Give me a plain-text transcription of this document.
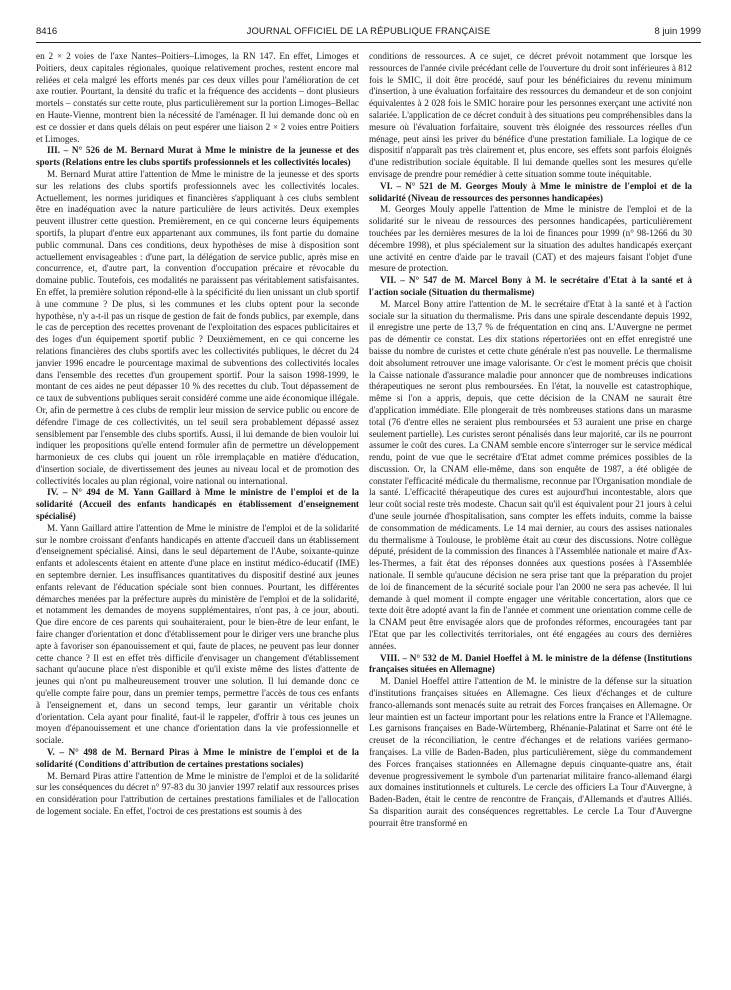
8416	JOURNAL OFFICIEL DE LA RÉPUBLIQUE FRANÇAISE	8 juin 1999

en 2 × 2 voies de l'axe Nantes–Poitiers–Limoges, la RN 147. En effet, Limoges et Poitiers, deux capitales régionales, quoique relativement proches, restent encore mal reliées et cela malgré les efforts menés par ces deux villes pour l'amélioration de cet axe routier. Pourtant, la densité du trafic et la fréquence des accidents – dont plusieurs mortels – constatés sur cette route, plus particulièrement sur la portion Limoges–Bellac en Haute-Vienne, montrent bien la nécessité de l'aménager. Il lui demande donc où en est ce dossier et dans quels délais on peut espérer une liaison 2 × 2 voies entre Poitiers et Limoges.

III. – N° 526 de M. Bernard Murat à Mme le ministre de la jeunesse et des sports (Relations entre les clubs sportifs professionnels et les collectivités locales)

M. Bernard Murat attire l'attention de Mme le ministre de la jeunesse et des sports sur les relations des clubs sportifs professionnels avec les collectivités locales. Actuellement, les normes juridiques et financières s'appliquant à ces clubs semblent être en inadéquation avec la nature particulière de leurs activités. Deux exemples peuvent illustrer cette question. Premièrement, en ce qui concerne leurs équipements sportifs, la plupart d'entre eux appartenant aux communes, ils font partie du domaine public communal. Dans ces conditions, deux hypothèses de mise à disposition sont actuellement envisageables : d'une part, la délégation de service public, après mise en concurrence, et, d'autre part, la convention d'occupation précaire et révocable du domaine public. Toutefois, ces modalités ne paraissent pas véritablement satisfaisantes. En effet, la première solution répond-elle à la spécificité du lien unissant un club sportif à une commune ? De plus, si les communes et les clubs optent pour la seconde hypothèse, n'y a-t-il pas un risque de gestion de fait de fonds publics, par exemple, dans le cas de perception des recettes provenant de l'exploitation des espaces publicitaires et des loges d'un équipement sportif public ? Deuxièmement, en ce qui concerne les relations financières des clubs sportifs avec les collectivités publiques, le décret du 24 janvier 1996 encadre le pourcentage maximal de subventions des collectivités locales dans l'ensemble des recettes d'un groupement sportif. Pour la saison 1998-1999, le montant de ces aides ne peut dépasser 10 % des recettes du club. Tout dépassement de ce taux de subventions publiques serait considéré comme une aide économique illégale. Or, afin de permettre à ces clubs de remplir leur mission de service public ou encore de défendre l'image de ces collectivités, un tel seuil sera probablement dépassé assez sensiblement par l'ensemble des clubs sportifs. Aussi, il lui demande de bien vouloir lui indiquer les propositions qu'elle entend formuler afin de permettre un développement harmonieux de ces clubs qui jouent un rôle irremplaçable en matière d'éducation, d'insertion sociale, de divertissement des jeunes au niveau local et de promotion des collectivités locales au plan régional, voire national ou international.

IV. – N° 494 de M. Yann Gaillard à Mme le ministre de l'emploi et de la solidarité (Accueil des enfants handicapés en établissement d'enseignement spécialisé)

M. Yann Gaillard attire l'attention de Mme le ministre de l'emploi et de la solidarité sur le nombre croissant d'enfants handicapés en attente d'accueil dans un établissement d'enseignement spécialisé. Ainsi, dans le seul département de l'Aube, soixante-quinze enfants et adolescents étaient en attente d'une place en institut médico-éducatif (IME) en septembre dernier. Les insuffisances quantitatives du dispositif destiné aux jeunes enfants relevant de l'éducation spéciale sont bien connues. Pourtant, les différentes démarches menées par la préfecture auprès du ministère de l'emploi et de la solidarité, et notamment les demandes de moyens supplémentaires, n'ont pas, à ce jour, abouti. Que dire encore de ces parents qui souhaiteraient, pour le bien-être de leur enfant, le faire changer d'orientation et donc d'établissement pour le diriger vers une branche plus apte à favoriser son épanouissement et qui, faute de places, ne peuvent pas leur donner cette chance ? Il est en effet très difficile d'envisager un changement d'établissement sachant qu'aucune place n'est disponible et qu'il existe même des listes d'attente de jeunes qui n'ont pu malheureusement trouver une solution. Il lui demande donc ce qu'elle compte faire pour, dans un premier temps, permettre l'accès de tous ces enfants à l'enseignement et, dans un second temps, leur garantir un véritable choix d'orientation. Cela ayant pour finalité, faut-il le rappeler, d'offrir à tous ces jeunes un moyen d'épanouissement et une chance d'orientation dans la vie professionnelle et sociale.

V. – N° 498 de M. Bernard Piras à Mme le ministre de l'emploi et de la solidarité (Conditions d'attribution de certaines prestations sociales)

M. Bernard Piras attire l'attention de Mme le ministre de l'emploi et de la solidarité sur les conséquences du décret n° 97-83 du 30 janvier 1997 relatif aux ressources prises en considération pour l'attribution de certaines prestations familiales et de l'allocation de logement sociale. En effet, l'octroi de ces prestations est soumis à des

conditions de ressources. A ce sujet, ce décret prévoit notamment que lorsque les ressources de l'année civile précédant celle de l'ouverture du droit sont inférieures à 812 fois le SMIC, il doit être procédé, sauf pour les bénéficiaires du revenu minimum d'insertion, à une évaluation forfaitaire des ressources du demandeur et de son conjoint équivalentes à 2 028 fois le SMIC horaire pour les personnes exerçant une activité non salariée. L'application de ce décret conduit à des situations peu compréhensibles dans la mesure où l'évaluation forfaitaire, souvent très éloignée des ressources réelles d'un ménage, peut ainsi les priver du bénéfice d'une prestation familiale. La logique de ce dispositif n'apparaît pas très clairement et, plus encore, ses effets sont parfois éloignés d'une redistribution sociale équitable. Il lui demande quelles sont les mesures qu'elle envisage de prendre pour remédier à cette situation somme toute inéquitable.

VI. – N° 521 de M. Georges Mouly à Mme le ministre de l'emploi et de la solidarité (Niveau de ressources des personnes handicapées)

M. Georges Mouly appelle l'attention de Mme le ministre de l'emploi et de la solidarité sur le niveau de ressources des personnes handicapées, particulièrement touchées par les dernières mesures de la loi de finances pour 1999 (n° 98-1266 du 30 décembre 1998), et plus spécialement sur la situation des adultes handicapés exerçant une activité en centre d'aide par le travail (CAT) et des majeurs faisant l'objet d'une mesure de protection.

VII. – N° 547 de M. Marcel Bony à M. le secrétaire d'Etat à la santé et à l'action sociale (Situation du thermalisme)

M. Marcel Bony attire l'attention de M. le secrétaire d'Etat à la santé et à l'action sociale sur la situation du thermalisme. Pris dans une spirale descendante depuis 1992, il enregistre une perte de 13,7 % de fréquentation en cinq ans. L'Auvergne ne permet pas de démentir ce constat. Les dix stations répertoriées ont en effet enregistré une baisse du nombre de curistes et cette chute générale n'est pas nouvelle. Le thermalisme doit absolument retrouver une image valorisante. Or c'est le moment précis que choisit la Caisse nationale d'assurance maladie pour annoncer que de nombreuses indications thérapeutiques ne seront plus remboursées. En l'état, la nouvelle est catastrophique, même si l'on a appris, depuis, que cette décision de la CNAM ne saurait être d'application immédiate. Elle plongerait de très nombreuses stations dans un marasme total (76 d'entre elles ne seraient plus remboursées et 53 auraient une prise en charge seulement partielle). Les curistes seront pénalisés dans leur majorité, car ils ne pourront assumer le coût des cures. La CNAM semble encore s'interroger sur le service médical rendu, point de vue que le secrétaire d'Etat admet comme prémices possibles de la discussion. Or, la CNAM elle-même, dans son enquête de 1987, a été obligée de constater l'efficacité médicale du thermalisme, reconnue par l'Organisation mondiale de la santé. L'efficacité thérapeutique des cures est aujourd'hui incontestable, alors que leur coût social reste très modeste. Chacun sait qu'il est équivalent pour 21 jours à celui d'une seule journée d'hospitalisation, sans compter les effets induits, comme la baisse de consommation de médicaments. Le 14 mai dernier, au cours des assises nationales du thermalisme à Toulouse, le problème était au cœur des discussions. Notre collègue député, président de la commission des finances à l'Assemblée nationale et maire d'Ax-les-Thermes, a fait état des réponses données aux questions posées à l'Assemblée nationale. Il semble qu'aucune décision ne sera prise tant que la préparation du projet de loi de financement de la sécurité sociale pour l'an 2000 ne sera pas achevée. Il lui demande à quel moment il compte engager une véritable concertation, alors que ce texte doit être adopté avant la fin de l'année et comment une orientation comme celle de la CNAM peut être envisagée alors que de profondes réformes, encouragées tant par l'Etat que par les collectivités territoriales, ont été engagées au cours des dernières années.

VIII. – N° 532 de M. Daniel Hoeffel à M. le ministre de la défense (Institutions françaises situées en Allemagne)

M. Daniel Hoeffel attire l'attention de M. le ministre de la défense sur la situation d'institutions françaises situées en Allemagne. Ces lieux d'échanges et de culture franco-allemands sont menacés suite au retrait des Forces françaises en Allemagne. Or leur maintien est un facteur important pour les relations entre la France et l'Allemagne. Les garnisons françaises en Bade-Würtemberg, Rhénanie-Palatinat et Sarre ont été le creuset de la réconciliation, le centre d'échanges et de relations variées germano-françaises. La ville de Baden-Baden, plus particulièrement, siège du commandement des Forces françaises stationnées en Allemagne depuis cinquante-quatre ans, était devenue progressivement le symbole d'un partenariat militaire franco-allemand élargi aux domaines institutionnels et culturels. Le cercle des officiers La Tour d'Auvergne, à Baden-Baden, était le centre de rencontre de Français, d'Allemands et d'autres Alliés. Sa disparition aurait des conséquences regrettables. Le cercle La Tour d'Auvergne pourrait être transformé en
